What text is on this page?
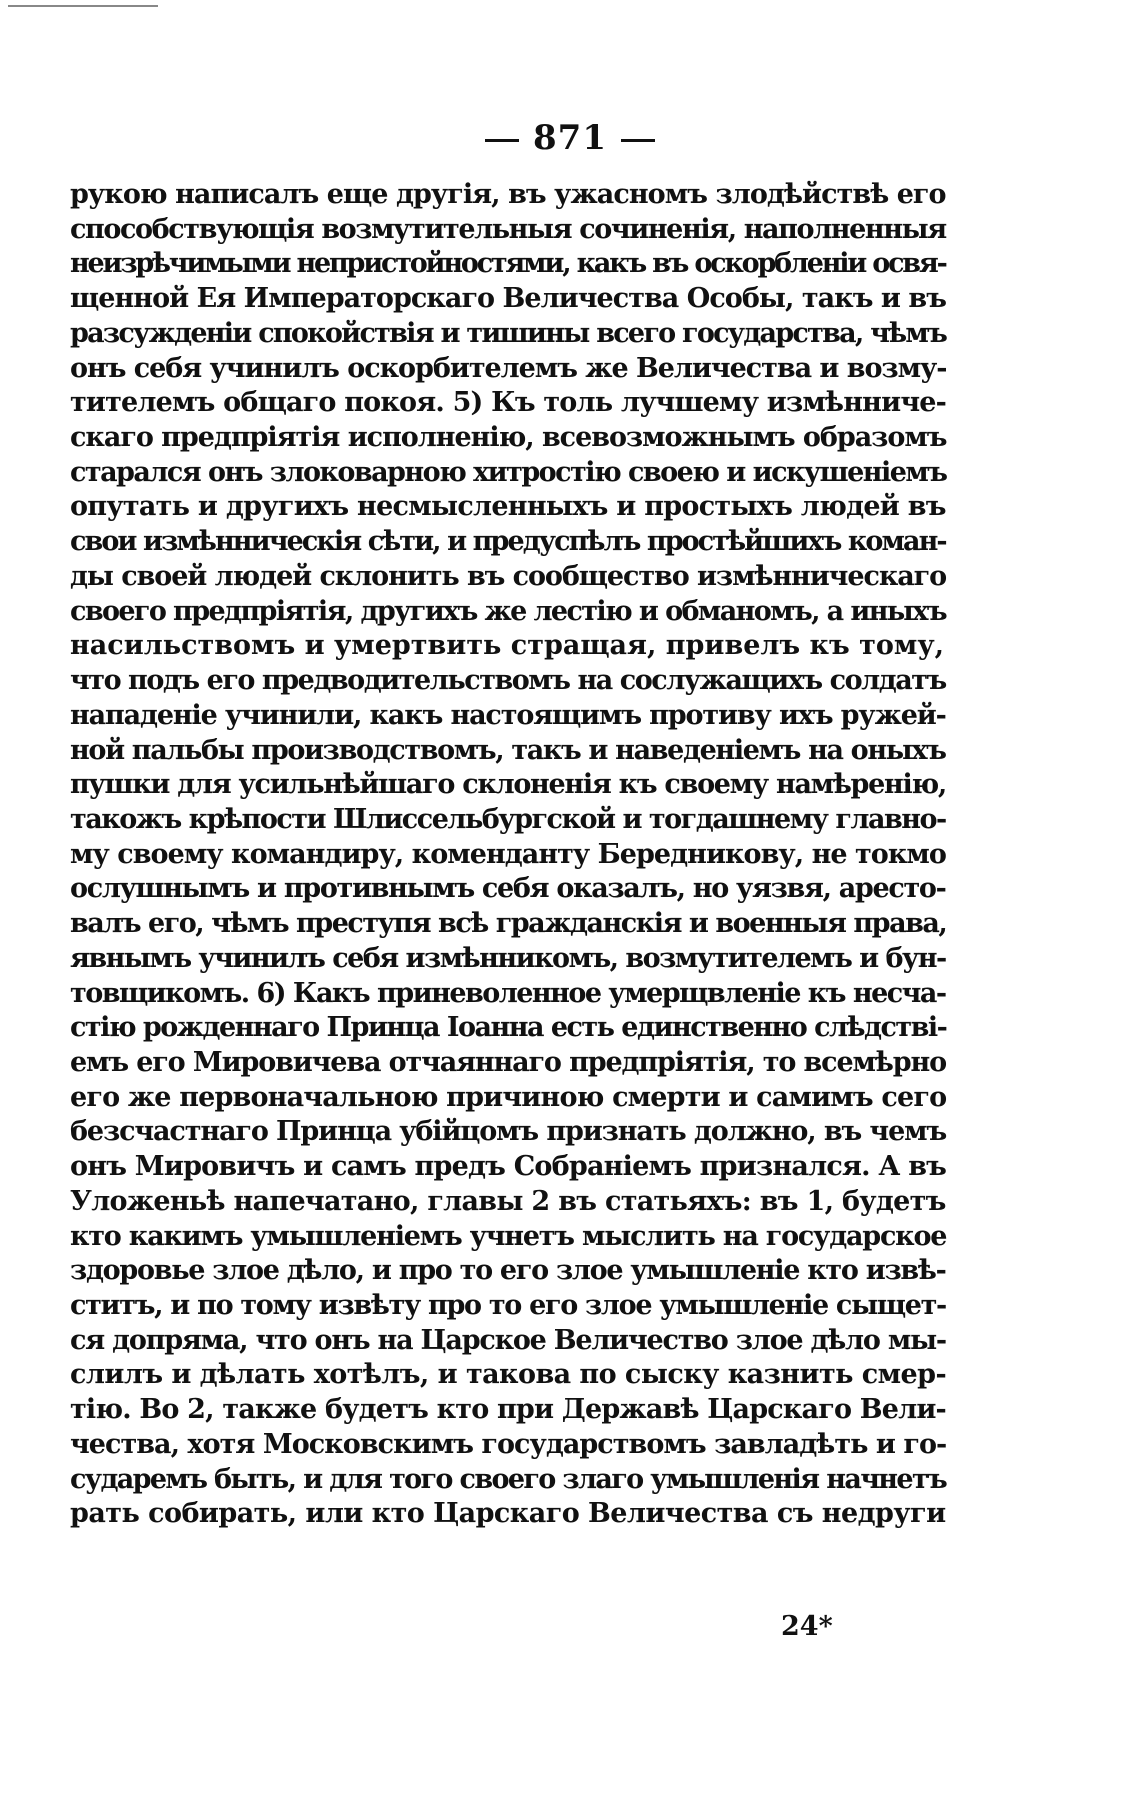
871
рукою написалъ еще другія, въ ужасномъ злодѣйствѣ его
способствующія возмутительныя сочиненія, наполненныя
неизрѣчимыми непристойностями, какъ въ оскорбленіи освя-
щенной Ея Императорскаго Величества Особы, такъ и въ
разсужденіи спокойствія и тишины всего государства, чѣмъ
онъ себя учинилъ оскорбителемъ же Величества и возму-
тителемъ общаго покоя. 5) Къ толь лучшему измѣнниче-
скаго предпріятія исполненію, всевозможнымъ образомъ
старался онъ злоковарною хитростію своею и искушеніемъ
опутать и другихъ несмысленныхъ и простыхъ людей въ
свои измѣнническія сѣти, и предуспѣлъ простѣйшихъ коман-
ды своей людей склонить въ сообщество измѣнническаго
своего предпріятія, другихъ же лестію и обманомъ, а иныхъ
насильствомъ и умертвить стращая, привелъ къ тому,
что подъ его предводительствомъ на сослужащихъ солдатъ
нападеніе учинили, какъ настоящимъ противу ихъ ружей-
ной пальбы производствомъ, такъ и наведеніемъ на оныхъ
пушки для усильнѣйшаго склоненія къ своему намѣренію,
такожъ крѣпости Шлиссельбургской и тогдашнему главно-
му своему командиру, коменданту Бередникову, не токмо
ослушнымъ и противнымъ себя оказалъ, но уязвя, аресто-
валъ его, чѣмъ преступя всѣ гражданскія и военныя права,
явнымъ учинилъ себя измѣнникомъ, возмутителемъ и бун-
товщикомъ. 6) Какъ приневоленное умерщвленіе къ несча-
стію рожденнаго Принца Іоанна есть единственно слѣдстві-
емъ его Мировичева отчаяннаго предпріятія, то всемѣрно
его же первоначальною причиною смерти и самимъ сего
безсчастнаго Принца убійцомъ признать должно, въ чемъ
онъ Мировичъ и самъ предъ Собраніемъ признался. А въ
Уложеньѣ напечатано, главы 2 въ статьяхъ: въ 1, будетъ
кто какимъ умышленіемъ учнетъ мыслить на государское
здоровье злое дѣло, и про то его злое умышленіе кто извѣ-
ститъ, и по тому извѣту про то его злое умышленіе сыщет-
ся допряма, что онъ на Царское Величество злое дѣло мы-
слилъ и дѣлать хотѣлъ, и такова по сыску казнить смер-
тію. Во 2, также будетъ кто при Державѣ Царскаго Вели-
чества, хотя Московскимъ государствомъ завладѣть и го-
сударемъ быть, и для того своего злаго умышленія начнетъ
рать собирать, или кто Царскаго Величества съ недруги
24*
